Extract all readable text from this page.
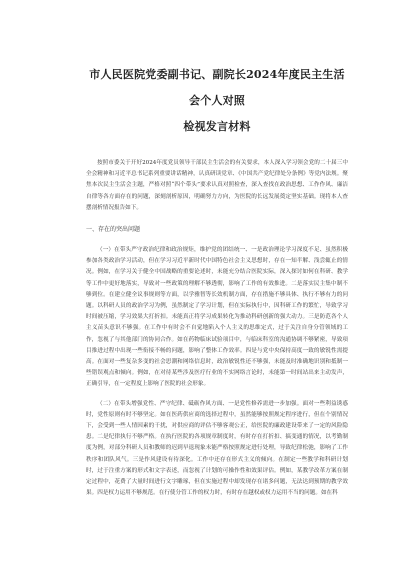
市人民医院党委副书记、副院长2024年度民主生活会个人对照
检视发言材料

按照市委关于开好2024年度党员领导干部民主生活会的有关要求，本人深入学习领会党的二十届三中全会精神和习近平总书记系列重要讲话精神，认真研读党章、《中国共产党纪律处分条例》等党内法规。聚焦本次民主生活会主题，严格对照“四个带头”要求认真对照检查，深入查找在政治思想、工作作风、廉洁自律等各方面存在的问题，深刻剖析原因，明确努力方向，为医院的长远发展奠定坚实基础。现将本人查摆剖析情况报告如下。

一、存在的突出问题

（一）在带头严守政治纪律和政治规矩，维护党的团结统一、一是政治理论学习深度不足、虽然积极参加各类政治学习活动，但在学习习近平新时代中国特色社会主义思想时，存在一知半解、浅尝辄止的情况。例如，在学习关于健全中国战略的重要论述时，未能充分结合医院实际，深入探讨如何在科研、教学等工作中更好地落实，导致对一些政策的理解不够透彻，影响了工作的有效推进。二是落实民主集中制不够到位。在建立健全议事规则等方面，以学雅智等长效机制方面，存在措施不够具体、执行不够有力的问题。以科研人员的政治学习为例，虽然制定了学习计划，但在实际执行中，因科研工作的繁忙，导致学习时间被压缩，学习效果大打折扣。未能真正将学习成果转化为推动科研创新的强大动力。三是防范各个人主义苗头意识不够强。在工作中有时会不自觉地陷入个人主义的思维定式，过于关注自身分管领域的工作，忽视了与其他部门的协同合作。如在药物临床试验项目中，与临床科室的沟通协调不够紧密，导致项目推进过程中出现一些衔接不畅的问题，影响了整体工作效率。四是与党中央保持高度一致的敏锐性需提高。在面对一些复杂多变的社会思潮和网络信息时，政治敏锐性还不够强，未能及时准确地识别和抵制一些错误观点和倾向。例如，在对待某些涉及医疗行业的不实网络言论时，未能第一时间站出来主动发声，正确引导，在一定程度上影响了医院的社会形象。

（二）在带头增强党性、严守纪律、砥砺作风方面、一是党性修养需进一步加强。面对一些利益诱惑时，党性原则有时不够坚定。如在医药供应商的选择过程中，虽然能够按照规定程序进行，但在个别情况下，会受到一些人情因素的干扰，对供应商的评估不够客观公正，给医院的廉政建设带来了一定的风险隐患。二是纪律执行不够严格。在执行医院的各项规章制度时，有时存在打折扣、搞变通的情况，以考勤制度为例，对部分科研人员和教师的迟到早退现象未能严格按照规定进行处理，导致纪律松弛，影响了工作秩序和团队风气。三是作风建设有待深化。工作中还存在形式主义的倾向。在制定一些教学和科研计划时，过于注重方案的形式和文字表述，而忽视了计划的可操作性和效果评估。例如，某教学改革方案在制定过程中，花费了大量时间进行文字雕琢，但在实施过程中却发现存在诸多问题，无法达到预期的教学效果。四是权力运用不够规范。在行使分管工作的权力时，有时存在越权或权力运用不当的问题。如在科
